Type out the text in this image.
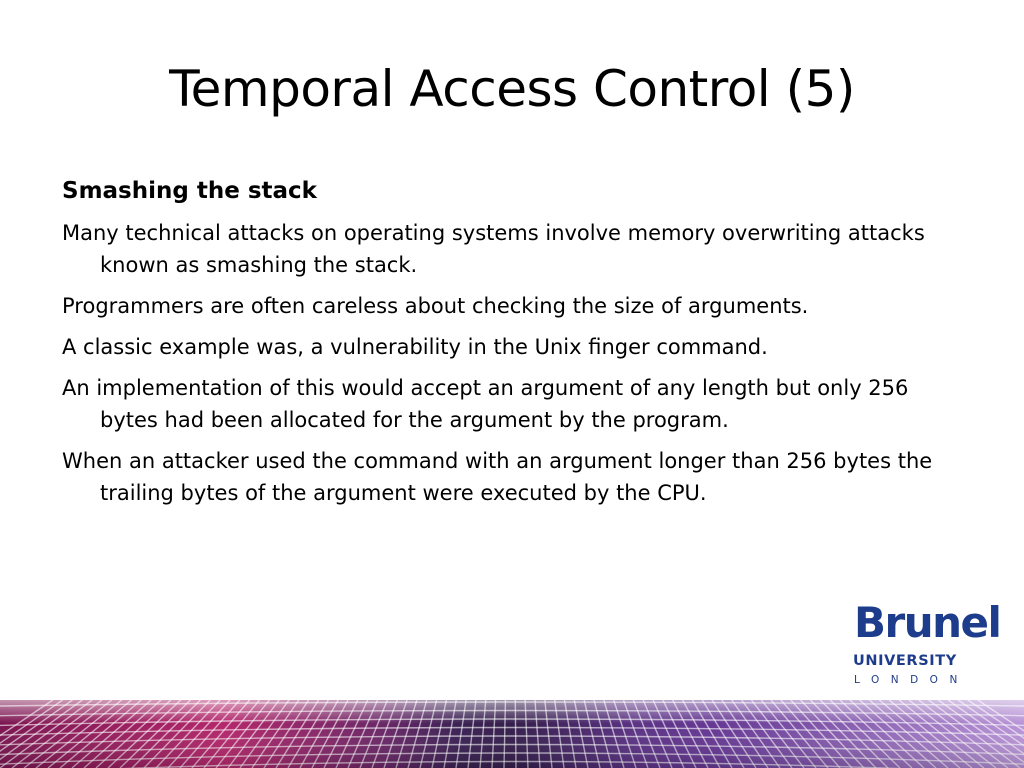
Temporal Access Control (5)
Smashing the stack

Many technical attacks on operating systems involve memory overwriting attacks known as smashing the stack.

Programmers are often careless about checking the size of arguments.

A classic example was, a vulnerability in the Unix finger command.

An implementation of this would accept an argument of any length but only 256 bytes had been allocated for the argument by the program.

When an attacker used the command with an argument longer than 256 bytes the trailing bytes of the argument were executed by the CPU.

Brunel
UNIVERSITY
LONDON
